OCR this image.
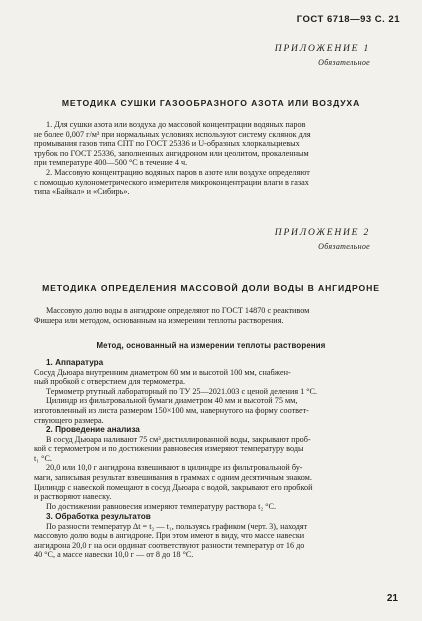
ГОСТ 6718—93 С. 21
ПРИЛОЖЕНИЕ 1
Обязательное
МЕТОДИКА СУШКИ ГАЗООБРАЗНОГО АЗОТА ИЛИ ВОЗДУХА
1. Для сушки азота или воздуха до массовой концентрации водяных паров
не более 0,007 г/м³ при нормальных условиях используют систему склянок для
промывания газов типа СПТ по ГОСТ 25336 и U-образных хлоркальциевых
трубок по ГОСТ 25336, заполненных ангидроном или цеолитом, прокаленным
при температуре 400—500 °С в течение 4 ч.
2. Массовую концентрацию водяных паров в азоте или воздухе определяют
с помощью кулонометрического измерителя микроконцентрации влаги в газах
типа «Байкал» и «Сибирь».
ПРИЛОЖЕНИЕ 2
Обязательное
МЕТОДИКА ОПРЕДЕЛЕНИЯ МАССОВОЙ ДОЛИ ВОДЫ В АНГИДРОНЕ
Массовую долю воды в ангидроне определяют по ГОСТ 14870 с реактивом
Фишера или методом, основанным на измерении теплоты растворения.
Метод, основанный на измерении теплоты растворения
1. Аппаратура
Сосуд Дьюара внутренним диаметром 60 мм и высотой 100 мм, снабжен-
ный пробкой с отверстием для термометра.
Термометр ртутный лабораторный по ТУ 25—2021.003 с ценой деления 1 °С.
Цилиндр из фильтровальной бумаги диаметром 40 мм и высотой 75 мм,
изготовленный из листа размером 150×100 мм, навернутого на форму соответ-
ствующего размера.
2. Проведение анализа
В сосуд Дьюара наливают 75 см³ дистиллированной воды, закрывают проб-
кой с термометром и по достижении равновесия измеряют температуру воды
t₁ °С.
20,0 или 10,0 г ангидрона взвешивают в цилиндре из фильтровальной бу-
маги, записывая результат взвешивания в граммах с одним десятичным знаком.
Цилиндр с навеской помещают в сосуд Дьюара с водой, закрывают его пробкой
и растворяют навеску.
По достижении равновесия измеряют температуру раствора t₂ °С.
3. Обработка результатов
По разности температур Δt = t₂ — t₁, пользуясь графиком (черт. 3), находят
массовую долю воды в ангидроне. При этом имеют в виду, что массе навески
ангидрона 20,0 г на оси ординат соответствуют разности температур от 16 до
40 °С, а массе навески 10,0 г — от 8 до 18 °С.
21
